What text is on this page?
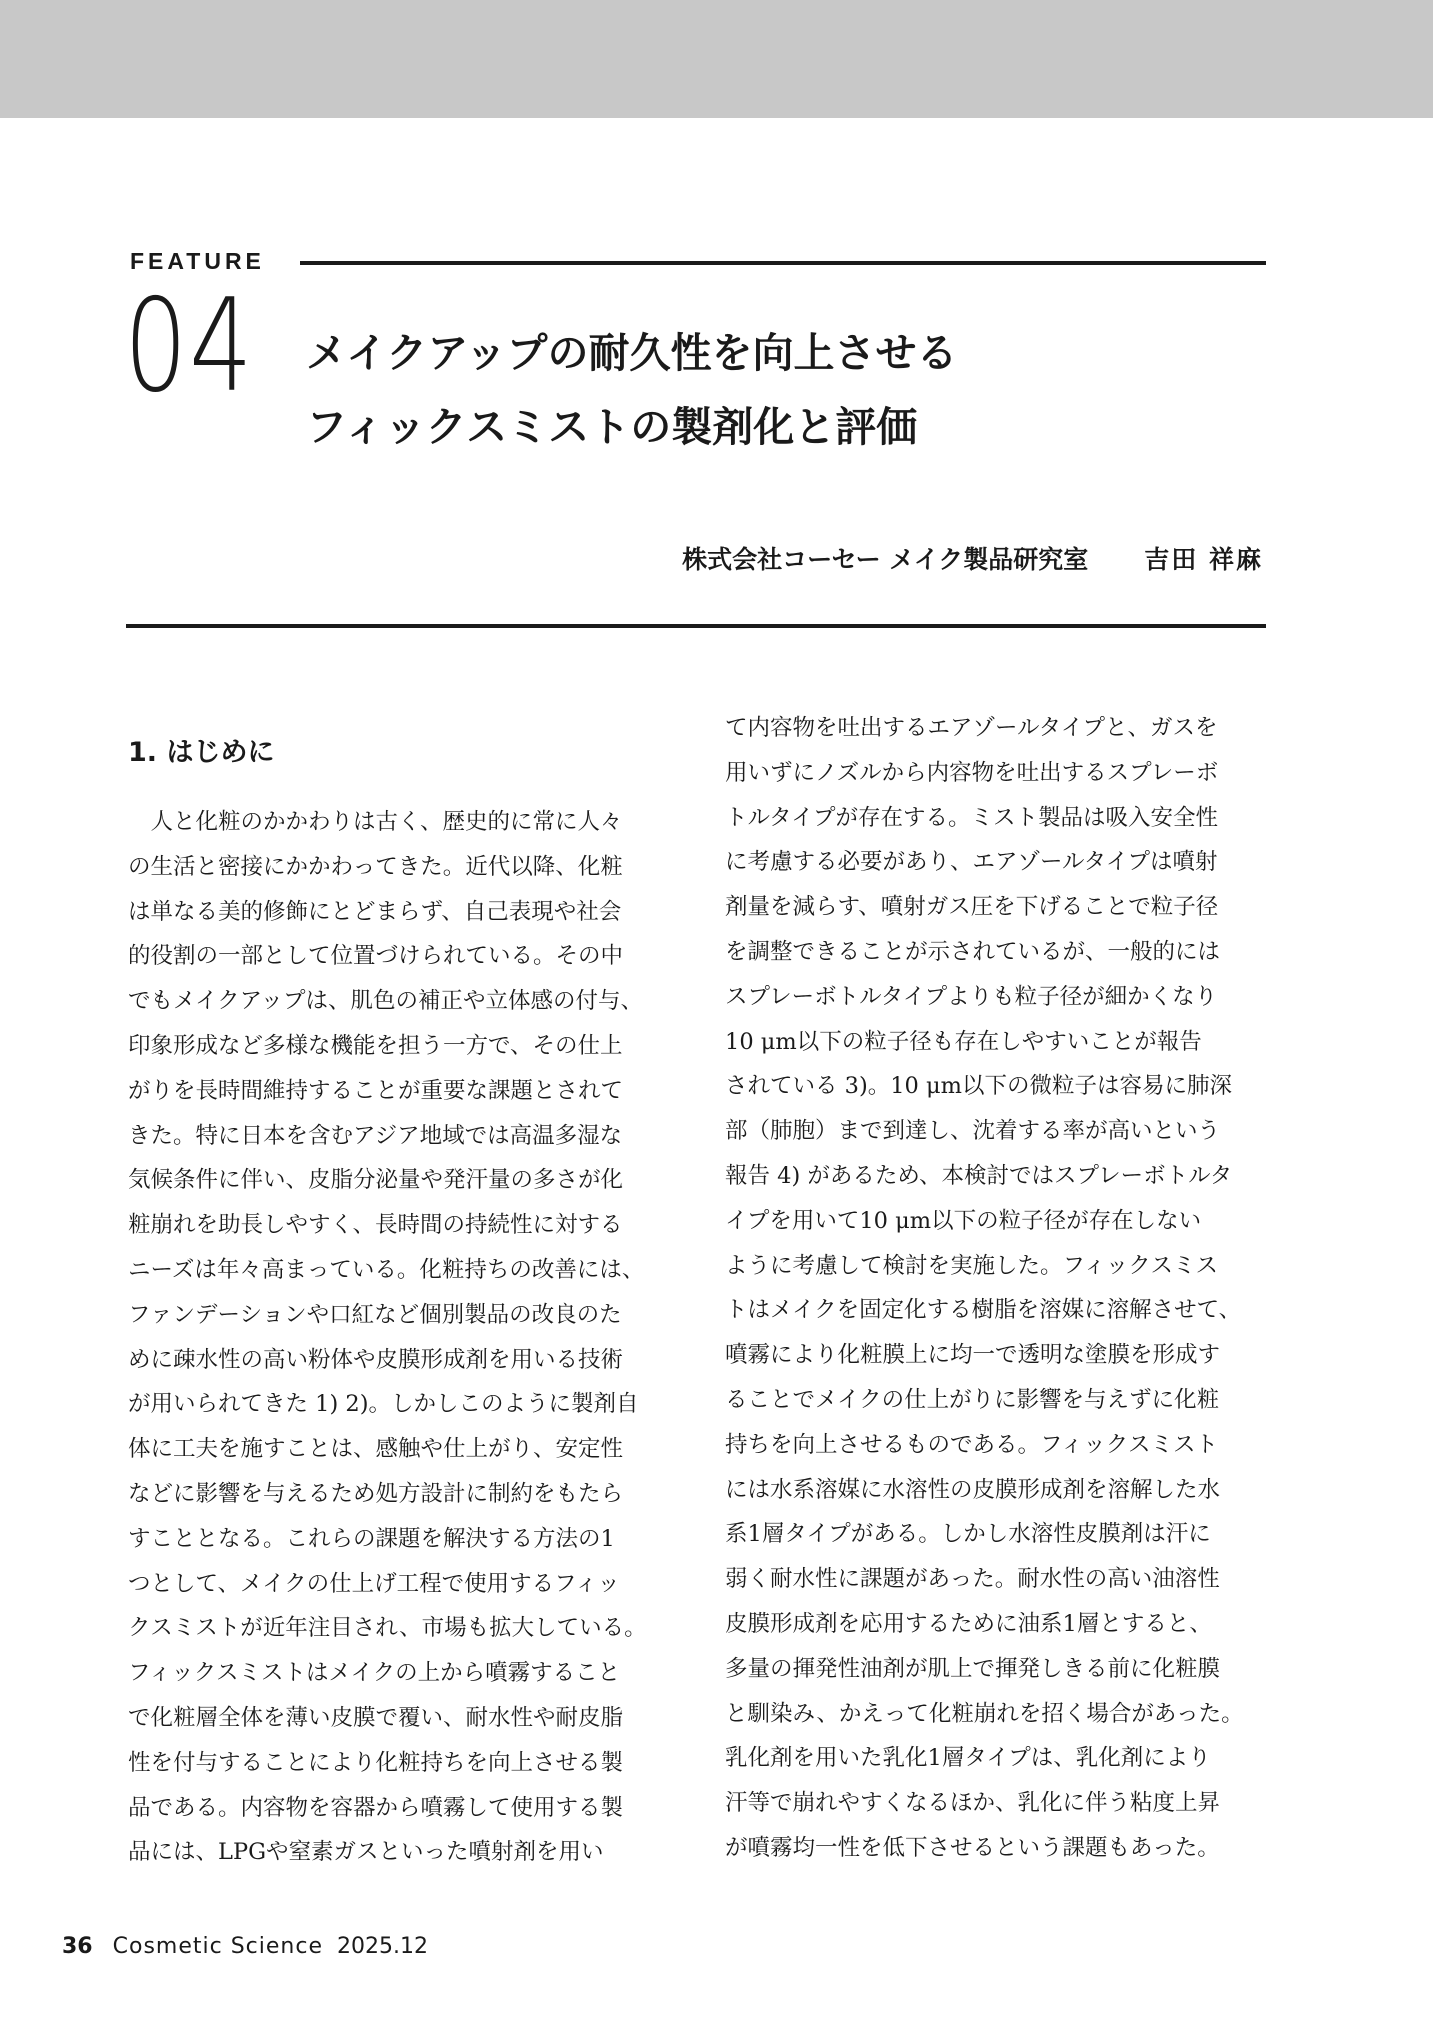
FEATURE
04 メイクアップの耐久性を向上させる
フィックスミストの製剤化と評価
株式会社コーセー メイク製品研究室 吉田 祥麻
1. はじめに
　人と化粧のかかわりは古く、歴史的に常に人々
の生活と密接にかかわってきた。近代以降、化粧
は単なる美的修飾にとどまらず、自己表現や社会
的役割の一部として位置づけられている。その中
でもメイクアップは、肌色の補正や立体感の付与、
印象形成など多様な機能を担う一方で、その仕上
がりを長時間維持することが重要な課題とされて
きた。特に日本を含むアジア地域では高温多湿な
気候条件に伴い、皮脂分泌量や発汗量の多さが化
粧崩れを助長しやすく、長時間の持続性に対する
ニーズは年々高まっている。化粧持ちの改善には、
ファンデーションや口紅など個別製品の改良のた
めに疎水性の高い粉体や皮膜形成剤を用いる技術
が用いられてきた 1) 2)。しかしこのように製剤自
体に工夫を施すことは、感触や仕上がり、安定性
などに影響を与えるため処方設計に制約をもたら
すこととなる。これらの課題を解決する方法の1
つとして、メイクの仕上げ工程で使用するフィッ
クスミストが近年注目され、市場も拡大している。
フィックスミストはメイクの上から噴霧すること
で化粧層全体を薄い皮膜で覆い、耐水性や耐皮脂
性を付与することにより化粧持ちを向上させる製
品である。内容物を容器から噴霧して使用する製
品には、LPGや窒素ガスといった噴射剤を用い
て内容物を吐出するエアゾールタイプと、ガスを
用いずにノズルから内容物を吐出するスプレーボ
トルタイプが存在する。ミスト製品は吸入安全性
に考慮する必要があり、エアゾールタイプは噴射
剤量を減らす、噴射ガス圧を下げることで粒子径
を調整できることが示されているが、一般的には
スプレーボトルタイプよりも粒子径が細かくなり
10 μm以下の粒子径も存在しやすいことが報告
されている 3)。10 μm以下の微粒子は容易に肺深
部（肺胞）まで到達し、沈着する率が高いという
報告 4) があるため、本検討ではスプレーボトルタ
イプを用いて10 μm以下の粒子径が存在しない
ように考慮して検討を実施した。フィックスミス
トはメイクを固定化する樹脂を溶媒に溶解させて、
噴霧により化粧膜上に均一で透明な塗膜を形成す
ることでメイクの仕上がりに影響を与えずに化粧
持ちを向上させるものである。フィックスミスト
には水系溶媒に水溶性の皮膜形成剤を溶解した水
系1層タイプがある。しかし水溶性皮膜剤は汗に
弱く耐水性に課題があった。耐水性の高い油溶性
皮膜形成剤を応用するために油系1層とすると、
多量の揮発性油剤が肌上で揮発しきる前に化粧膜
と馴染み、かえって化粧崩れを招く場合があった。
乳化剤を用いた乳化1層タイプは、乳化剤により
汗等で崩れやすくなるほか、乳化に伴う粘度上昇
が噴霧均一性を低下させるという課題もあった。
36 Cosmetic Science 2025.12
